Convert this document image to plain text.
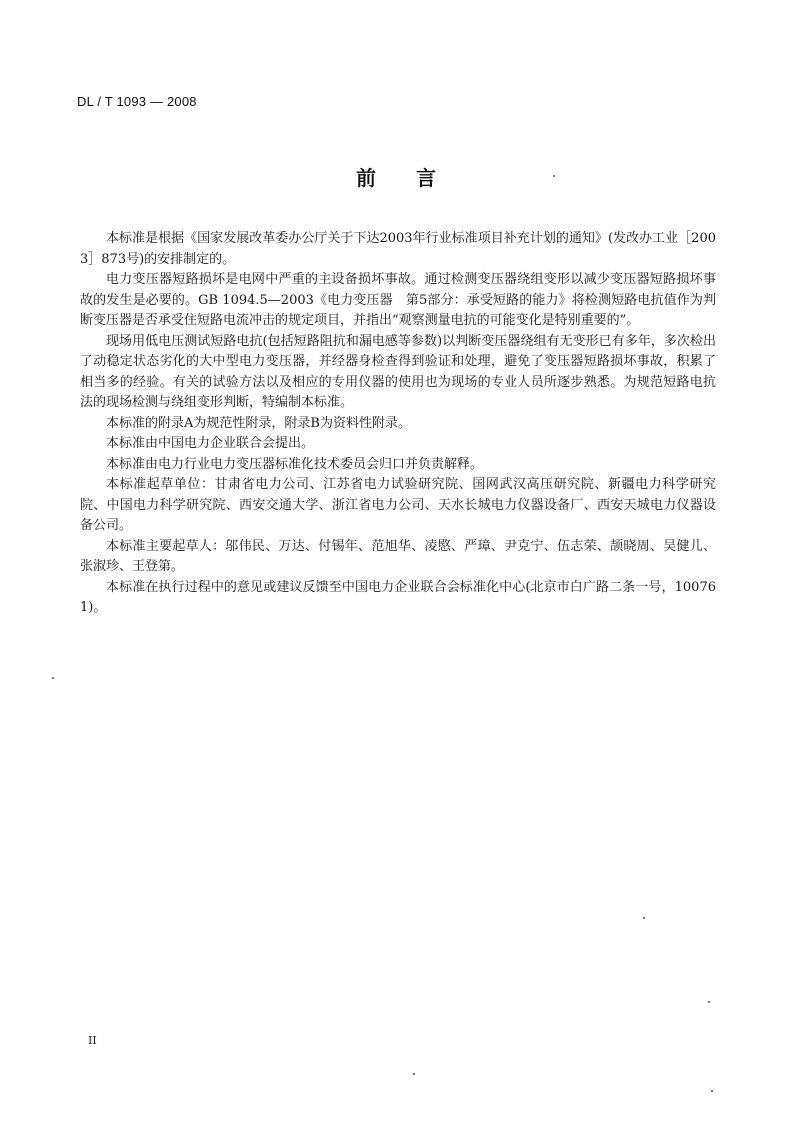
DL / T 1093 — 2008
前言

本标准是根据《国家发展改革委办公厅关于下达2003年行业标准项目补充计划的通知》(发改办工业［2003］873号)的安排制定的。

电力变压器短路损坏是电网中严重的主设备损坏事故。通过检测变压器绕组变形以减少变压器短路损坏事故的发生是必要的。GB 1094.5—2003《电力变压器　第5部分：承受短路的能力》将检测短路电抗值作为判断变压器是否承受住短路电流冲击的规定项目，并指出“观察测量电抗的可能变化是特别重要的”。

现场用低电压测试短路电抗(包括短路阻抗和漏电感等参数)以判断变压器绕组有无变形已有多年，多次检出了动稳定状态劣化的大中型电力变压器，并经器身检查得到验证和处理，避免了变压器短路损坏事故，积累了相当多的经验。有关的试验方法以及相应的专用仪器的使用也为现场的专业人员所逐步熟悉。为规范短路电抗法的现场检测与绕组变形判断，特编制本标准。

本标准的附录A为规范性附录，附录B为资料性附录。

本标准由中国电力企业联合会提出。

本标准由电力行业电力变压器标准化技术委员会归口并负责解释。

本标准起草单位：甘肃省电力公司、江苏省电力试验研究院、国网武汉高压研究院、新疆电力科学研究院、中国电力科学研究院、西安交通大学、浙江省电力公司、天水长城电力仪器设备厂、西安天城电力仪器设备公司。

本标准主要起草人：邬伟民、万达、付锡年、范旭华、凌愍、严璋、尹克宁、伍志荣、颉晓周、吴健儿、张淑珍、王登第。

本标准在执行过程中的意见或建议反馈至中国电力企业联合会标准化中心(北京市白广路二条一号，100761)。

II
